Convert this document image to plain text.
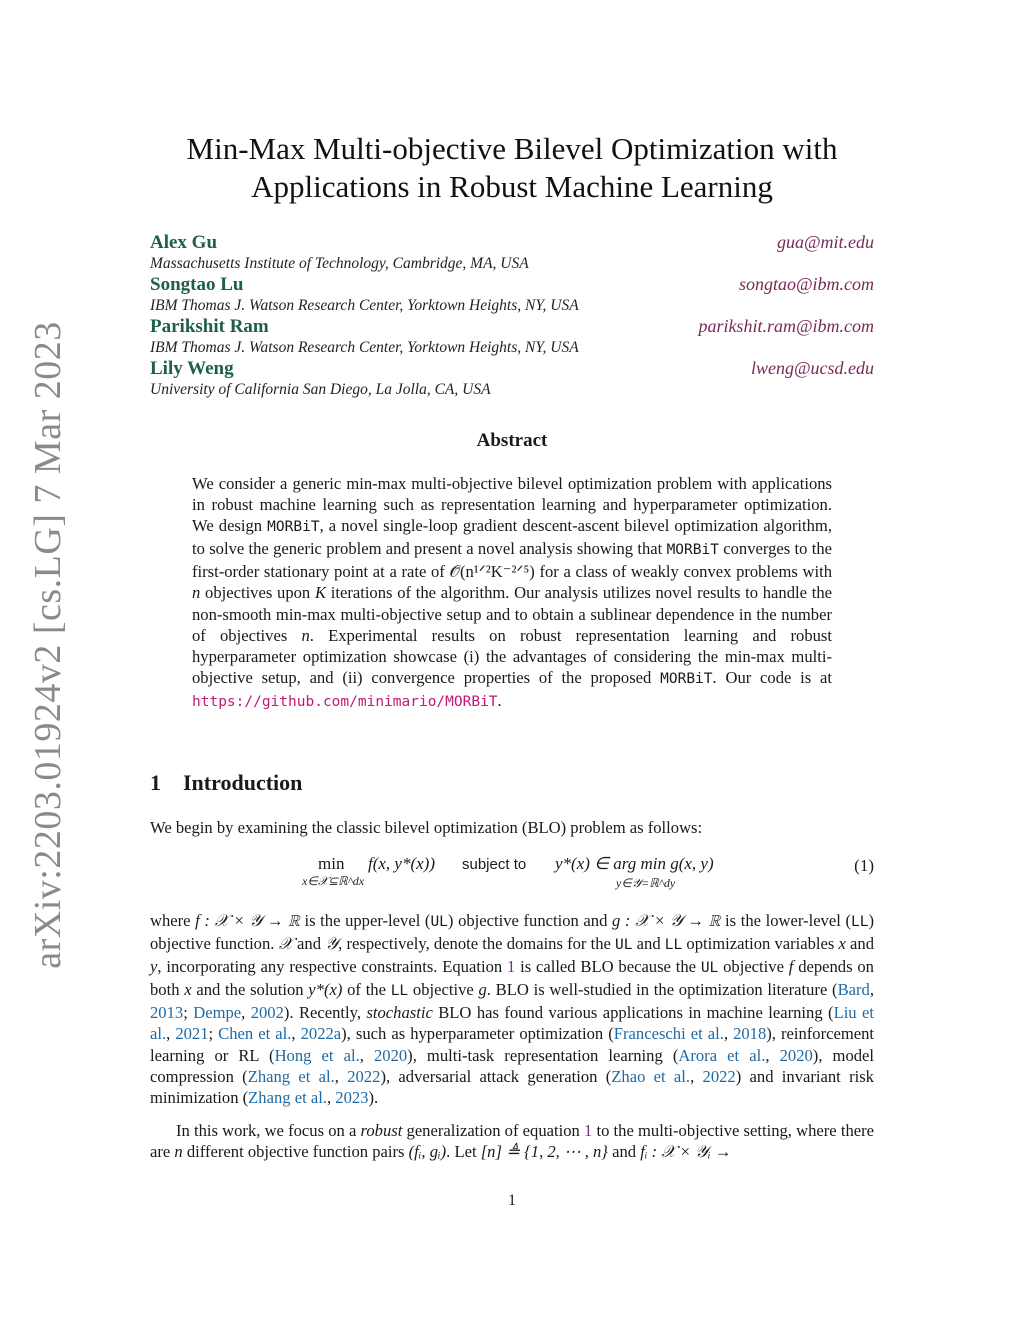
arXiv:2203.01924v2 [cs.LG] 7 Mar 2023
Min-Max Multi-objective Bilevel Optimization with
Applications in Robust Machine Learning
Alex Gu	gua@mit.edu
Massachusetts Institute of Technology, Cambridge, MA, USA
Songtao Lu	songtao@ibm.com
IBM Thomas J. Watson Research Center, Yorktown Heights, NY, USA
Parikshit Ram	parikshit.ram@ibm.com
IBM Thomas J. Watson Research Center, Yorktown Heights, NY, USA
Lily Weng	lweng@ucsd.edu
University of California San Diego, La Jolla, CA, USA
Abstract
We consider a generic min-max multi-objective bilevel optimization problem with applications in robust machine learning such as representation learning and hyperparameter optimization. We design MORBiT, a novel single-loop gradient descent-ascent bilevel optimization algorithm, to solve the generic problem and present a novel analysis showing that MORBiT converges to the first-order stationary point at a rate of 𝒪̃(n¹ᐟ²K⁻²ᐟ⁵) for a class of weakly convex problems with n objectives upon K iterations of the algorithm. Our analysis utilizes novel results to handle the non-smooth min-max multi-objective setup and to obtain a sublinear dependence in the number of objectives n. Experimental results on robust representation learning and robust hyperparameter optimization showcase (i) the advantages of considering the min-max multi-objective setup, and (ii) convergence properties of the proposed MORBiT. Our code is at https://github.com/minimario/MORBiT.
1 Introduction
We begin by examining the classic bilevel optimization (BLO) problem as follows:
min
x∈𝒳⊆ℝ^dx
f(x, y*(x)) subject to y*(x) ∈ arg min g(x, y)
y∈𝒴=ℝ^dy
(1)
where f : 𝒳 × 𝒴 → ℝ is the upper-level (UL) objective function and g : 𝒳 × 𝒴 → ℝ is the lower-level (LL) objective function. 𝒳 and 𝒴, respectively, denote the domains for the UL and LL optimization variables x and y, incorporating any respective constraints. Equation 1 is called BLO because the UL objective f depends on both x and the solution y*(x) of the LL objective g. BLO is well-studied in the optimization literature (Bard, 2013; Dempe, 2002). Recently, stochastic BLO has found various applications in machine learning (Liu et al., 2021; Chen et al., 2022a), such as hyperparameter optimization (Franceschi et al., 2018), reinforcement learning or RL (Hong et al., 2020), multi-task representation learning (Arora et al., 2020), model compression (Zhang et al., 2022), adversarial attack generation (Zhao et al., 2022) and invariant risk minimization (Zhang et al., 2023).
In this work, we focus on a robust generalization of equation 1 to the multi-objective setting, where there are n different objective function pairs (fᵢ, gᵢ). Let [n] ≜ {1, 2, ⋯ , n} and fᵢ : 𝒳 × 𝒴ᵢ →
1
